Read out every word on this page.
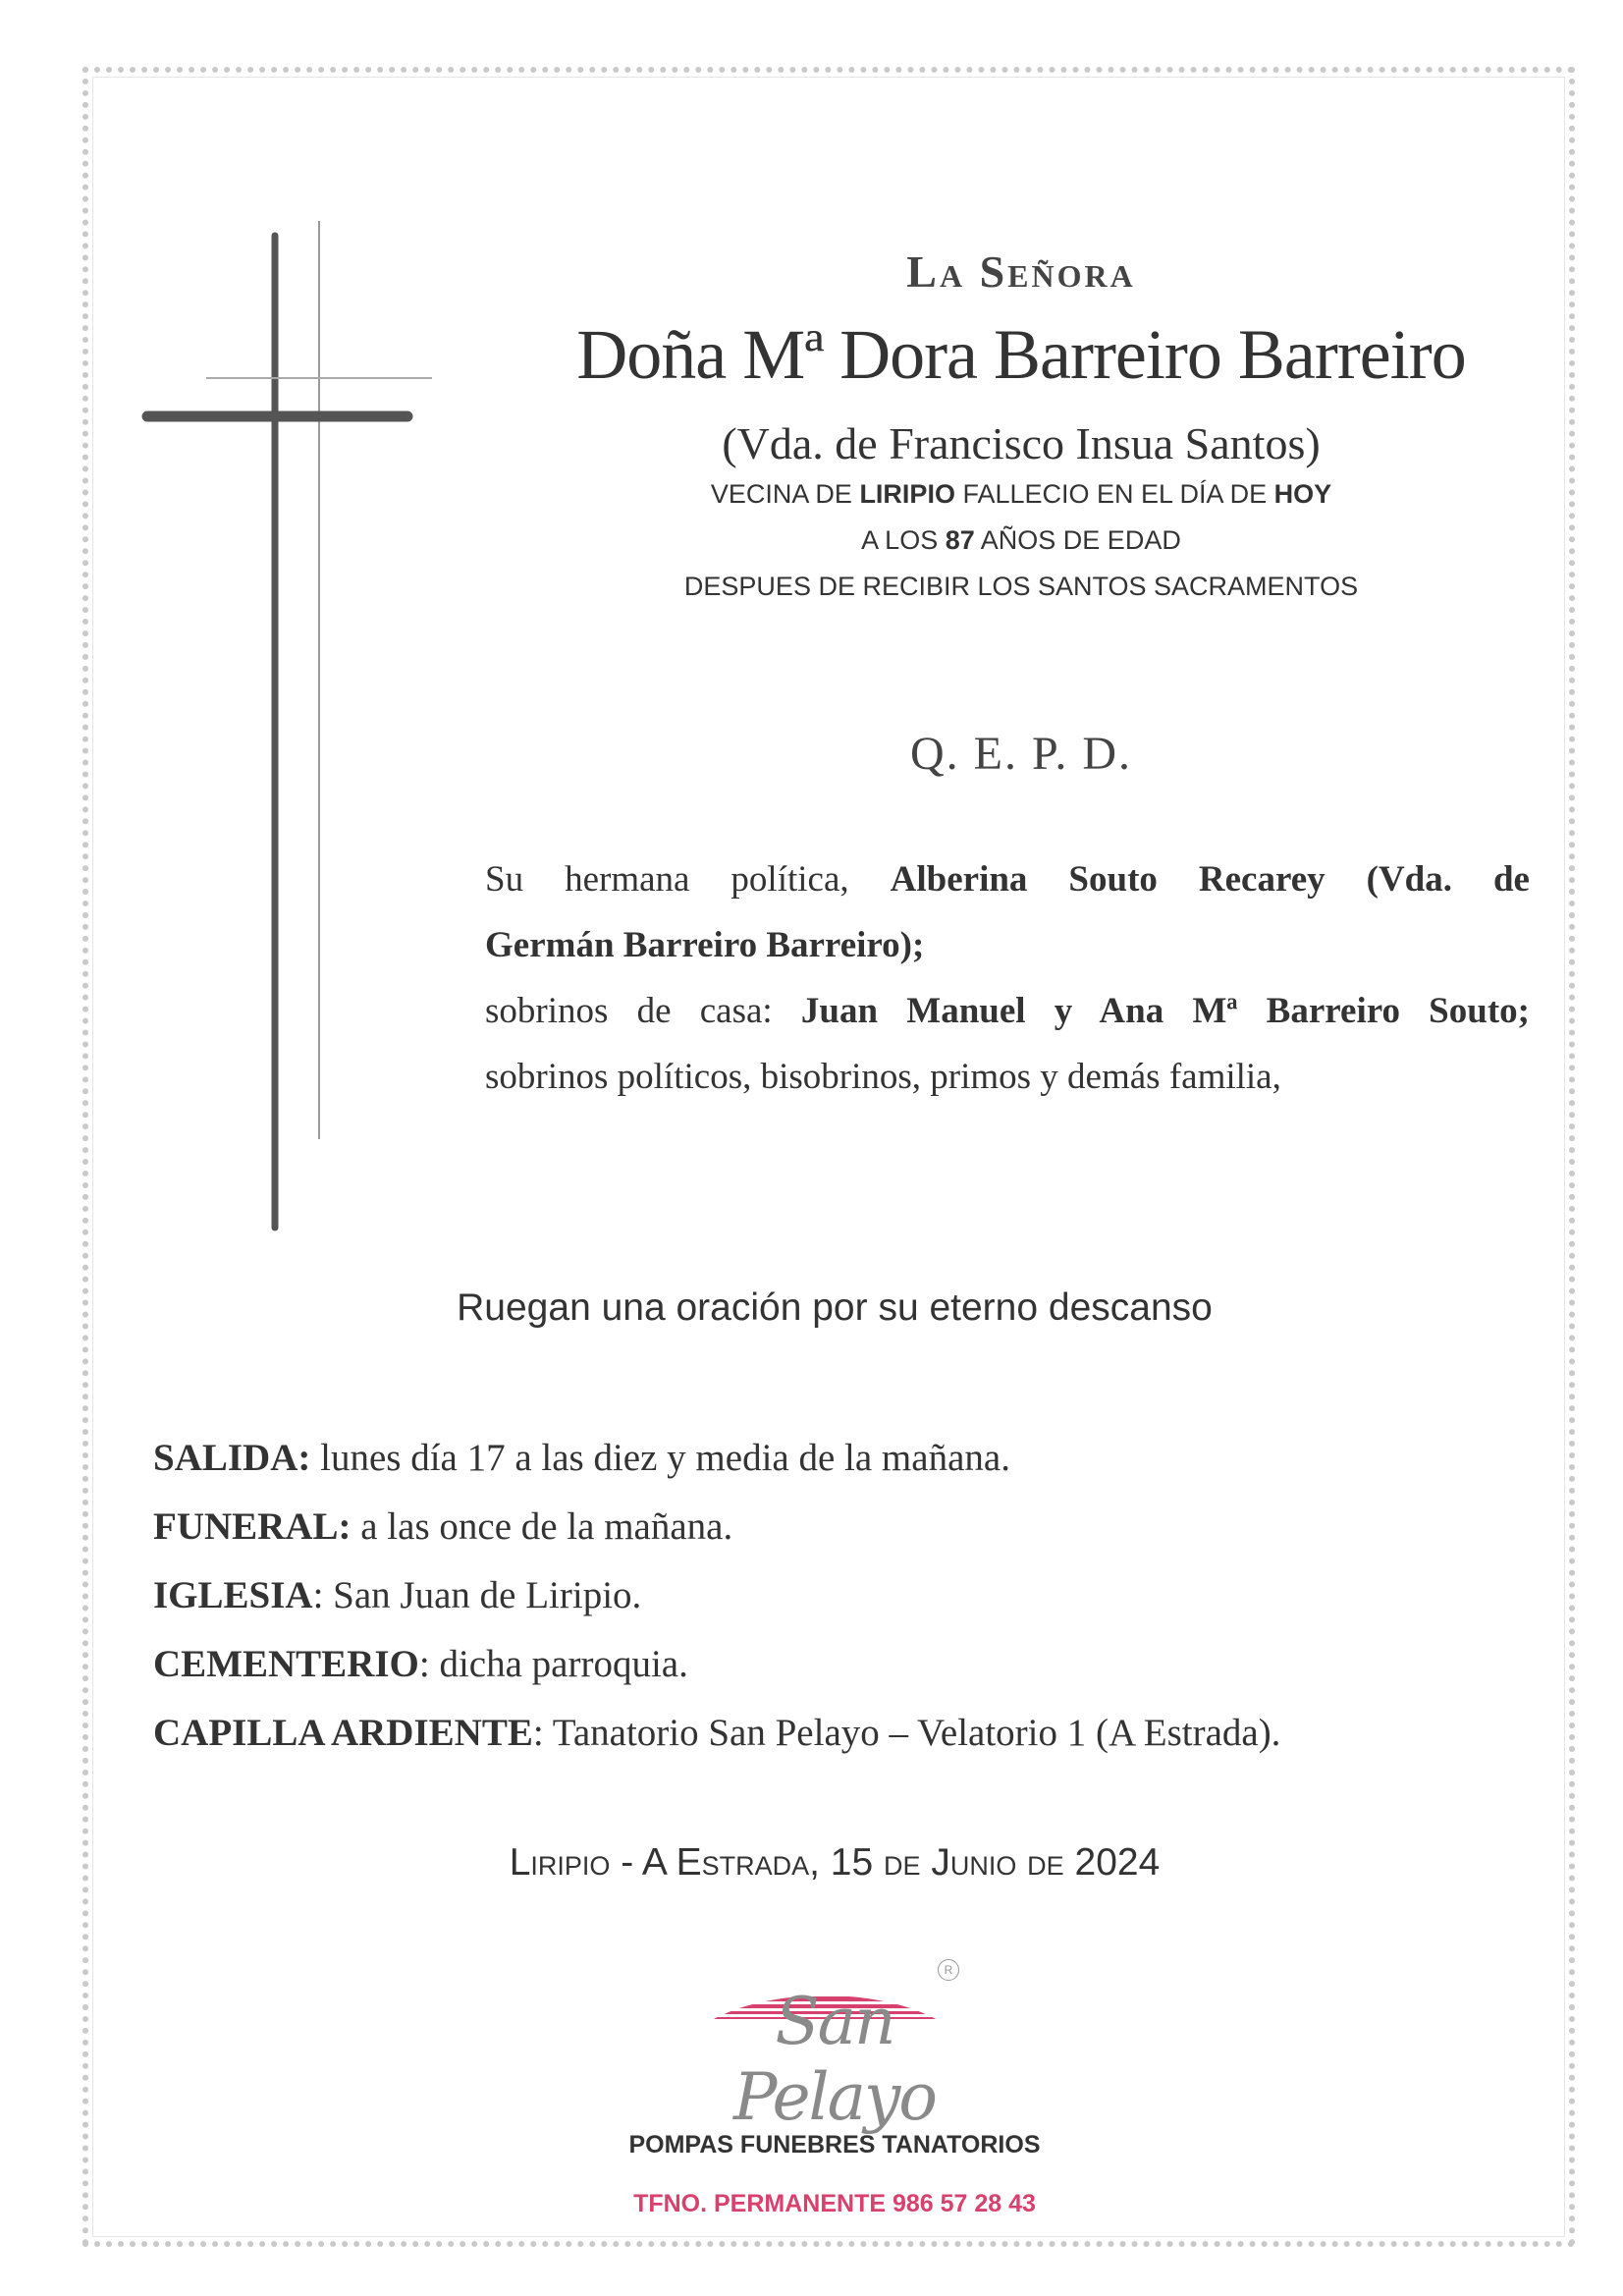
La Señora
Doña Mª Dora Barreiro Barreiro
(Vda. de Francisco Insua Santos)
VECINA DE LIRIPIO FALLECIO EN EL DÍA DE HOY
A LOS 87 AÑOS DE EDAD
DESPUES DE RECIBIR LOS SANTOS SACRAMENTOS
Q. E. P. D.
Su hermana política, Alberina Souto Recarey (Vda. de
Germán Barreiro Barreiro);
sobrinos de casa: Juan Manuel y Ana Mª Barreiro Souto;
sobrinos políticos, bisobrinos, primos y demás familia,
Ruegan una oración por su eterno descanso
SALIDA: lunes día 17 a las diez y media de la mañana.
FUNERAL: a las once de la mañana.
IGLESIA: San Juan de Liripio.
CEMENTERIO: dicha parroquia.
CAPILLA ARDIENTE: Tanatorio San Pelayo – Velatorio 1 (A Estrada).
Liripio - A Estrada, 15 de Junio de 2024
San Pelayo
R
POMPAS FUNEBRES TANATORIOS
TFNO. PERMANENTE 986 57 28 43
